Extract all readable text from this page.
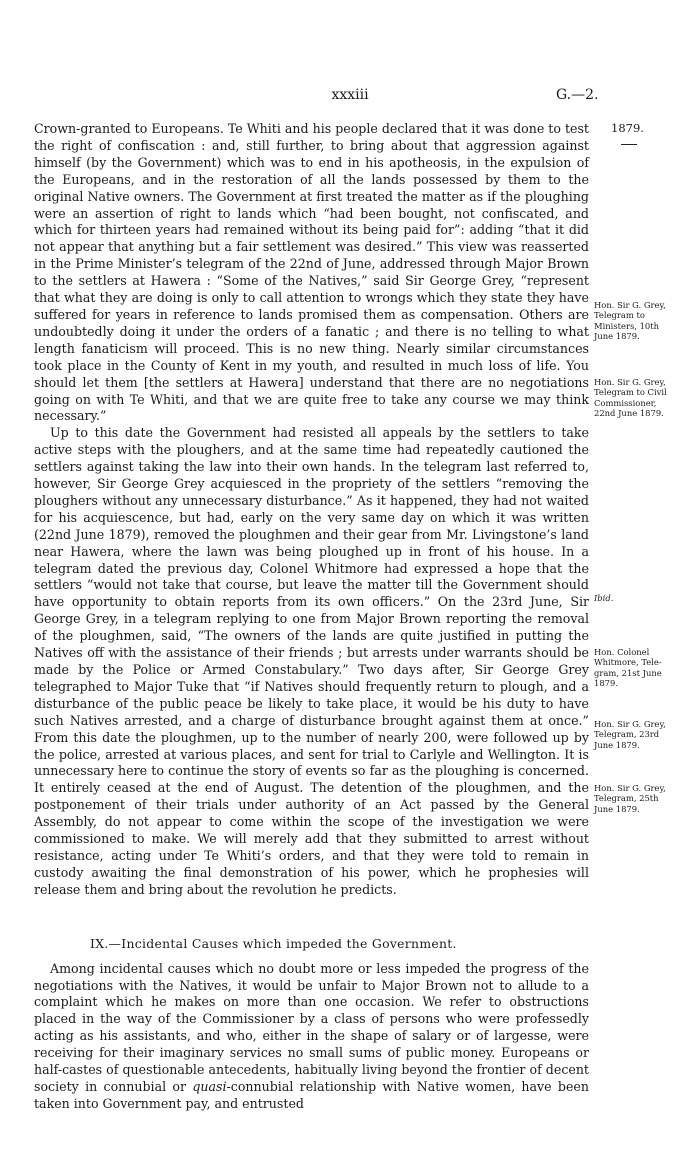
xxxiii	G.—2.
1879.
Hon. Sir G. Grey,
Telegram to
Ministers, 10th
June 1879.
Hon. Sir G. Grey,
Telegram to Civil
Commissioner,
22nd June 1879.
Ibid.
Hon. Colonel
Whitmore, Tele-
gram, 21st June
1879.
Hon. Sir G. Grey,
Telegram, 23rd
June 1879.
Hon. Sir G. Grey,
Telegram, 25th
June 1879.

Crown-granted to Europeans. Te Whiti and his people declared that it was done to test the right of confiscation : and, still further, to bring about that aggression against himself (by the Government) which was to end in his apotheosis, in the expulsion of the Europeans, and in the restoration of all the lands possessed by them to the original Native owners. The Government at first treated the matter as if the ploughing were an assertion of right to lands which “had been bought, not confiscated, and which for thirteen years had remained without its being paid for”: adding “that it did not appear that anything but a fair settlement was desired.” This view was reasserted in the Prime Minister’s telegram of the 22nd of June, addressed through Major Brown to the settlers at Hawera : “Some of the Natives,” said Sir George Grey, “represent that what they are doing is only to call attention to wrongs which they state they have suffered for years in reference to lands promised them as compensation. Others are undoubtedly doing it under the orders of a fanatic ; and there is no telling to what length fanaticism will proceed. This is no new thing. Nearly similar circumstances took place in the County of Kent in my youth, and resulted in much loss of life. You should let them [the settlers at Hawera] understand that there are no negotiations going on with Te Whiti, and that we are quite free to take any course we may think necessary.”

Up to this date the Government had resisted all appeals by the settlers to take active steps with the ploughers, and at the same time had repeatedly cautioned the settlers against taking the law into their own hands. In the telegram last referred to, however, Sir George Grey acquiesced in the propriety of the settlers “removing the ploughers without any unnecessary disturbance.” As it happened, they had not waited for his acquiescence, but had, early on the very same day on which it was written (22nd June 1879), removed the ploughmen and their gear from Mr. Livingstone’s land near Hawera, where the lawn was being ploughed up in front of his house. In a telegram dated the previous day, Colonel Whitmore had expressed a hope that the settlers “would not take that course, but leave the matter till the Government should have opportunity to obtain reports from its own officers.” On the 23rd June, Sir George Grey, in a telegram replying to one from Major Brown reporting the removal of the ploughmen, said, “The owners of the lands are quite justified in putting the Natives off with the assistance of their friends ; but arrests under warrants should be made by the Police or Armed Constabulary.” Two days after, Sir George Grey telegraphed to Major Tuke that “if Natives should frequently return to plough, and a disturbance of the public peace be likely to take place, it would be his duty to have such Natives arrested, and a charge of disturbance brought against them at once.” From this date the ploughmen, up to the number of nearly 200, were followed up by the police, arrested at various places, and sent for trial to Carlyle and Wellington. It is unnecessary here to continue the story of events so far as the ploughing is concerned. It entirely ceased at the end of August. The detention of the ploughmen, and the postponement of their trials under authority of an Act passed by the General Assembly, do not appear to come within the scope of the investigation we were commissioned to make. We will merely add that they submitted to arrest without resistance, acting under Te Whiti’s orders, and that they were told to remain in custody awaiting the final demonstration of his power, which he prophesies will release them and bring about the revolution he predicts.

IX.—Incidental Causes which impeded the Government.

Among incidental causes which no doubt more or less impeded the progress of the negotiations with the Natives, it would be unfair to Major Brown not to allude to a complaint which he makes on more than one occasion. We refer to obstructions placed in the way of the Commissioner by a class of persons who were professedly acting as his assistants, and who, either in the shape of salary or of largesse, were receiving for their imaginary services no small sums of public money. Europeans or half-castes of questionable antecedents, habitually living beyond the frontier of decent society in connubial or quasi-connubial relationship with Native women, have been taken into Government pay, and entrusted
